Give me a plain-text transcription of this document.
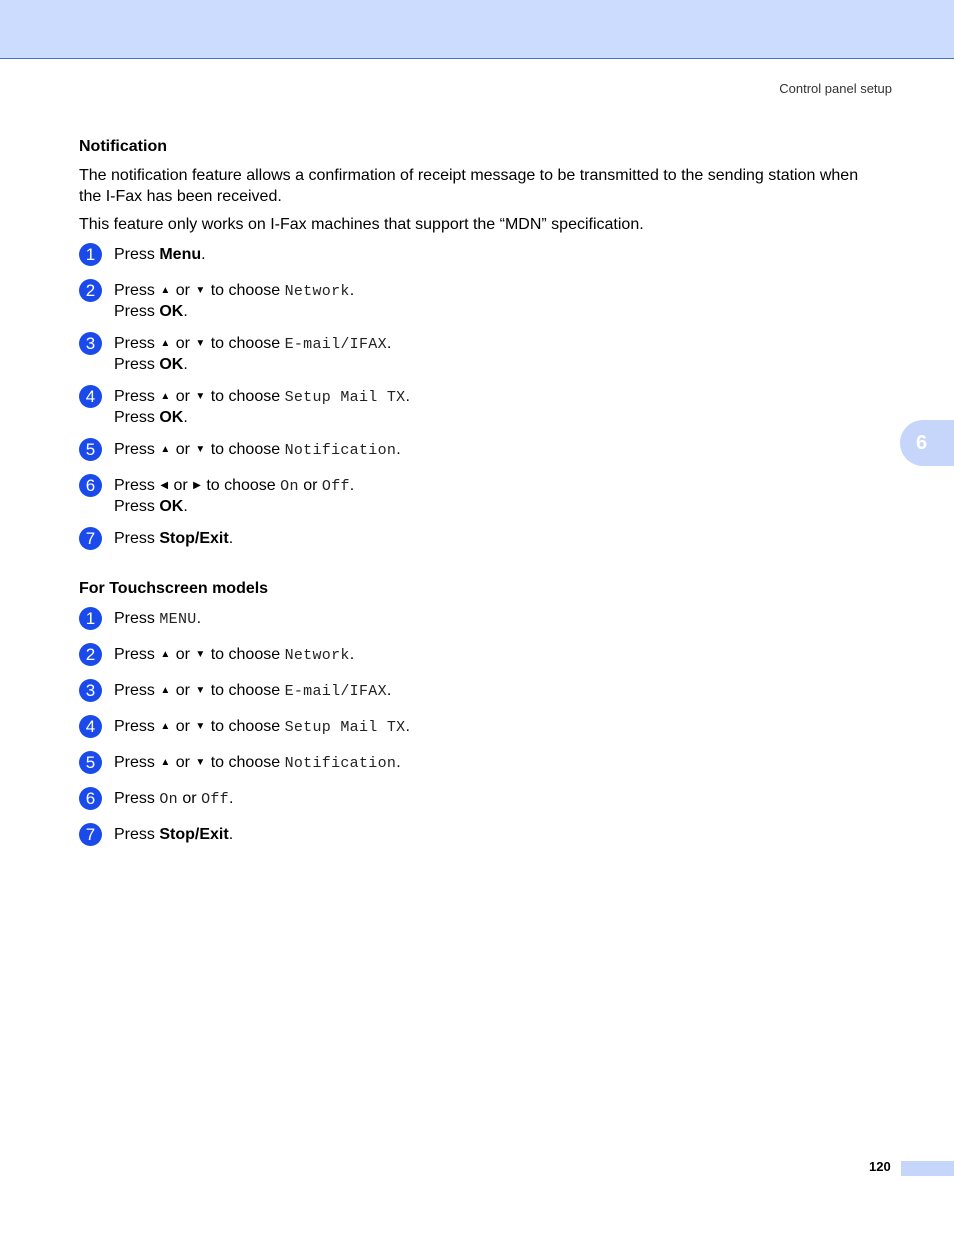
Control panel setup
6
Notification

The notification feature allows a confirmation of receipt message to be transmitted to the sending station when the I-Fax has been received.

This feature only works on I-Fax machines that support the “MDN” specification.

1	Press Menu.
2	Press ▲ or ▼ to choose Network.
Press OK.
3	Press ▲ or ▼ to choose E-mail/IFAX.
Press OK.
4	Press ▲ or ▼ to choose Setup Mail TX.
Press OK.
5	Press ▲ or ▼ to choose Notification.
6	Press ◀ or ▶ to choose On or Off.
Press OK.
7	Press Stop/Exit.
For Touchscreen models
1	Press MENU.
2	Press ▲ or ▼ to choose Network.
3	Press ▲ or ▼ to choose E-mail/IFAX.
4	Press ▲ or ▼ to choose Setup Mail TX.
5	Press ▲ or ▼ to choose Notification.
6	Press On or Off.
7	Press Stop/Exit.
120
